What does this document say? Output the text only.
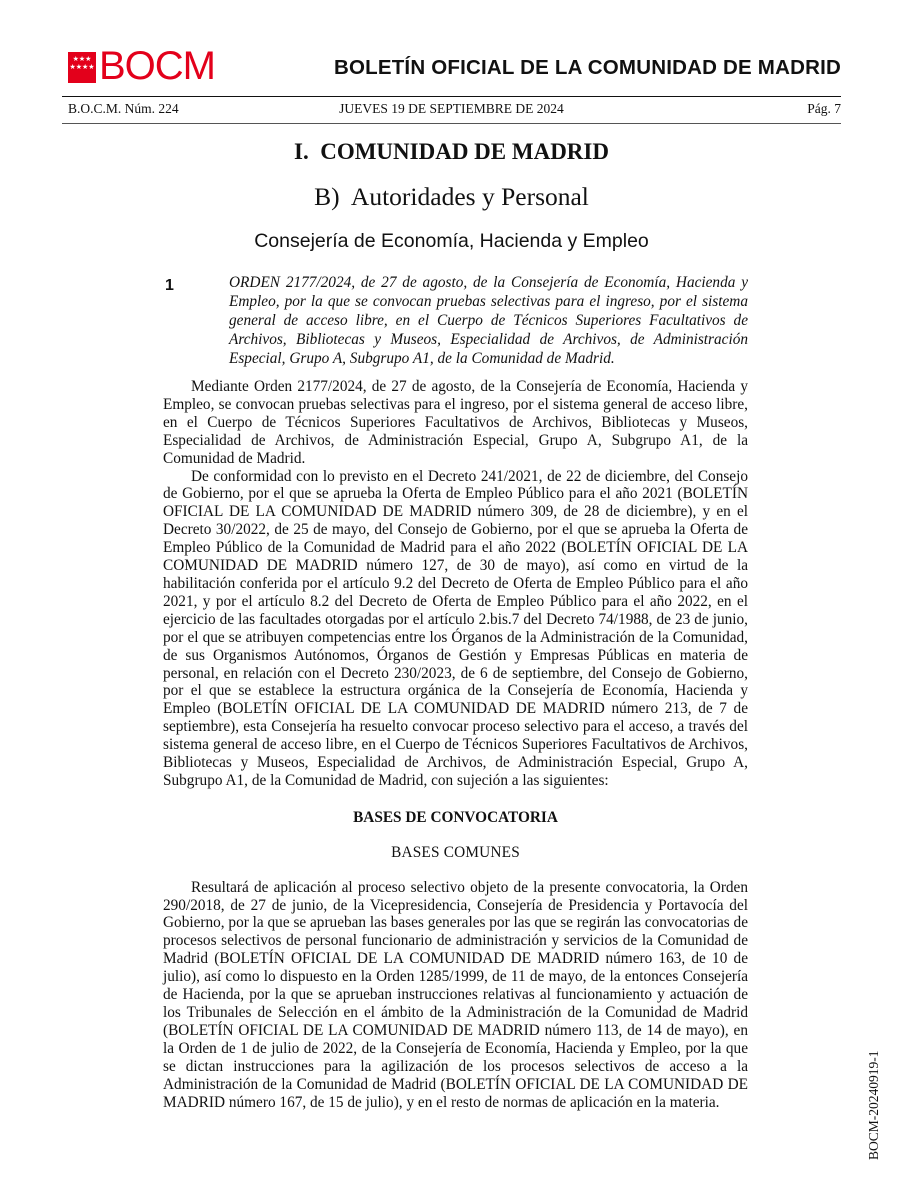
★★★
★★★★ BOCM	BOLETÍN OFICIAL DE LA COMUNIDAD DE MADRID
B.O.C.M. Núm. 224	JUEVES 19 DE SEPTIEMBRE DE 2024	Pág. 7
I.  COMUNIDAD DE MADRID
B)  Autoridades y Personal
Consejería de Economía, Hacienda y Empleo
1	ORDEN 2177/2024, de 27 de agosto, de la Consejería de Economía, Hacienda y Empleo, por la que se convocan pruebas selectivas para el ingreso, por el sistema general de acceso libre, en el Cuerpo de Técnicos Superiores Facultativos de Archivos, Bibliotecas y Museos, Especialidad de Archivos, de Administración Especial, Grupo A, Subgrupo A1, de la Comunidad de Madrid.

Mediante Orden 2177/2024, de 27 de agosto, de la Consejería de Economía, Hacienda y Empleo, se convocan pruebas selectivas para el ingreso, por el sistema general de acceso libre, en el Cuerpo de Técnicos Superiores Facultativos de Archivos, Bibliotecas y Museos, Especialidad de Archivos, de Administración Especial, Grupo A, Subgrupo A1, de la Comunidad de Madrid.

De conformidad con lo previsto en el Decreto 241/2021, de 22 de diciembre, del Consejo de Gobierno, por el que se aprueba la Oferta de Empleo Público para el año 2021 (BOLETÍN OFICIAL DE LA COMUNIDAD DE MADRID número 309, de 28 de diciembre), y en el Decreto 30/2022, de 25 de mayo, del Consejo de Gobierno, por el que se aprueba la Oferta de Empleo Público de la Comunidad de Madrid para el año 2022 (BOLETÍN OFICIAL DE LA COMUNIDAD DE MADRID número 127, de 30 de mayo), así como en virtud de la habilitación conferida por el artículo 9.2 del Decreto de Oferta de Empleo Público para el año 2021, y por el artículo 8.2 del Decreto de Oferta de Empleo Público para el año 2022, en el ejercicio de las facultades otorgadas por el artículo 2.bis.7 del Decreto 74/1988, de 23 de junio, por el que se atribuyen competencias entre los Órganos de la Administración de la Comunidad, de sus Organismos Autónomos, Órganos de Gestión y Empresas Públicas en materia de personal, en relación con el Decreto 230/2023, de 6 de septiembre, del Consejo de Gobierno, por el que se establece la estructura orgánica de la Consejería de Economía, Hacienda y Empleo (BOLETÍN OFICIAL DE LA COMUNIDAD DE MADRID número 213, de 7 de septiembre), esta Consejería ha resuelto convocar proceso selectivo para el acceso, a través del sistema general de acceso libre, en el Cuerpo de Técnicos Superiores Facultativos de Archivos, Bibliotecas y Museos, Especialidad de Archivos, de Administración Especial, Grupo A, Subgrupo A1, de la Comunidad de Madrid, con sujeción a las siguientes:

BASES DE CONVOCATORIA
BASES COMUNES

Resultará de aplicación al proceso selectivo objeto de la presente convocatoria, la Orden 290/2018, de 27 de junio, de la Vicepresidencia, Consejería de Presidencia y Portavocía del Gobierno, por la que se aprueban las bases generales por las que se regirán las convocatorias de procesos selectivos de personal funcionario de administración y servicios de la Comunidad de Madrid (BOLETÍN OFICIAL DE LA COMUNIDAD DE MADRID número 163, de 10 de julio), así como lo dispuesto en la Orden 1285/1999, de 11 de mayo, de la entonces Consejería de Hacienda, por la que se aprueban instrucciones relativas al funcionamiento y actuación de los Tribunales de Selección en el ámbito de la Administración de la Comunidad de Madrid (BOLETÍN OFICIAL DE LA COMUNIDAD DE MADRID número 113, de 14 de mayo), en la Orden de 1 de julio de 2022, de la Consejería de Economía, Hacienda y Empleo, por la que se dictan instrucciones para la agilización de los procesos selectivos de acceso a la Administración de la Comunidad de Madrid (BOLETÍN OFICIAL DE LA COMUNIDAD DE MADRID número 167, de 15 de julio), y en el resto de normas de aplicación en la materia.	BOCM-20240919-1
